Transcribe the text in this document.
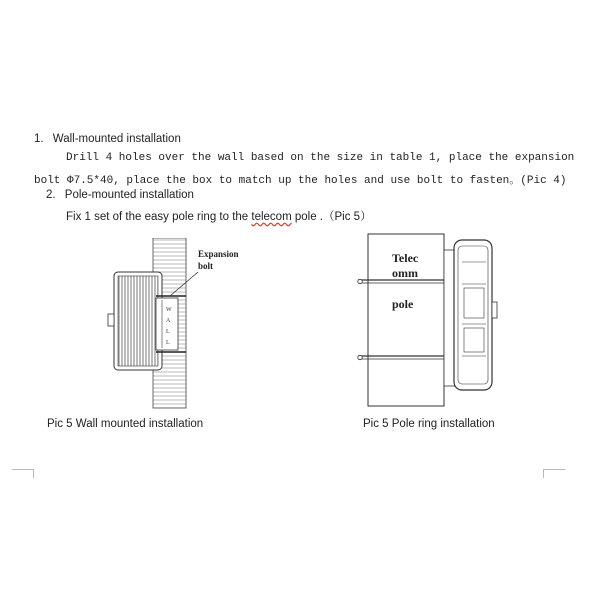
1. Wall-mounted installation
Drill 4 holes over the wall based on the size in table 1, place the expansion
bolt Φ7.5*40, place the box to match up the holes and use bolt to fasten。(Pic 4)
2. Pole-mounted installation
Fix 1 set of the easy pole ring to the telecom pole .（Pic 5）
W
A
L
L
Expansion
bolt
Telec
omm
pole
Pic 5 Wall mounted installation	Pic 5 Pole ring installation
